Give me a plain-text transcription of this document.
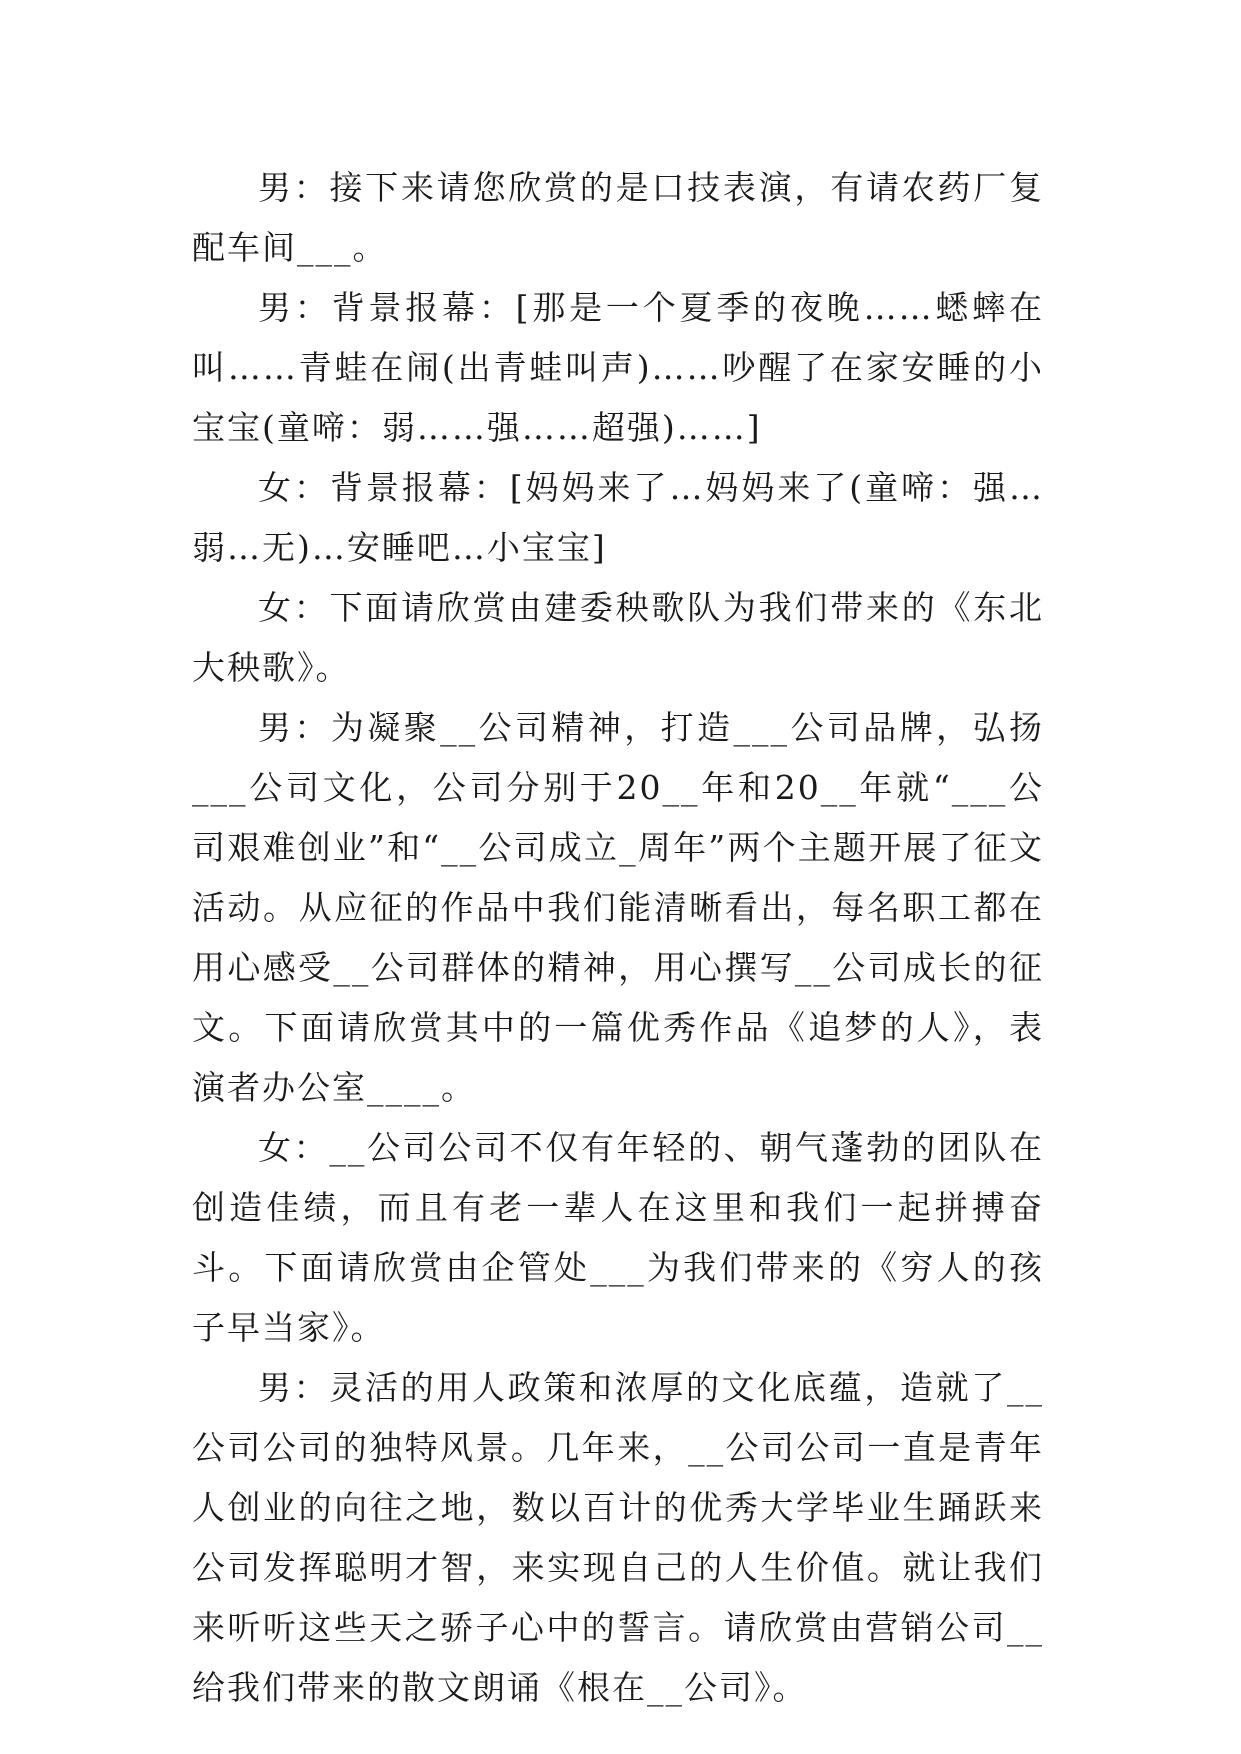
男：接下来请您欣赏的是口技表演，有请农药厂复配车间___。

男：背景报幕：[那是一个夏季的夜晚……蟋蟀在叫……青蛙在闹(出青蛙叫声)……吵醒了在家安睡的小宝宝(童啼：弱……强……超强)……]

女：背景报幕：[妈妈来了…妈妈来了(童啼：强…弱…无)…安睡吧…小宝宝]

女：下面请欣赏由建委秧歌队为我们带来的《东北大秧歌》。

男：为凝聚__公司精神，打造___公司品牌，弘扬___公司文化，公司分别于20__年和20__年就“___公司艰难创业”和“__公司成立_周年”两个主题开展了征文活动。从应征的作品中我们能清晰看出，每名职工都在用心感受__公司群体的精神，用心撰写__公司成长的征文。下面请欣赏其中的一篇优秀作品《追梦的人》，表演者办公室____。

女：__公司公司不仅有年轻的、朝气蓬勃的团队在创造佳绩，而且有老一辈人在这里和我们一起拼搏奋斗。下面请欣赏由企管处___为我们带来的《穷人的孩子早当家》。

男：灵活的用人政策和浓厚的文化底蕴，造就了__公司公司的独特风景。几年来，__公司公司一直是青年人创业的向往之地，数以百计的优秀大学毕业生踊跃来公司发挥聪明才智，来实现自己的人生价值。就让我们来听听这些天之骄子心中的誓言。请欣赏由营销公司__给我们带来的散文朗诵《根在__公司》。
